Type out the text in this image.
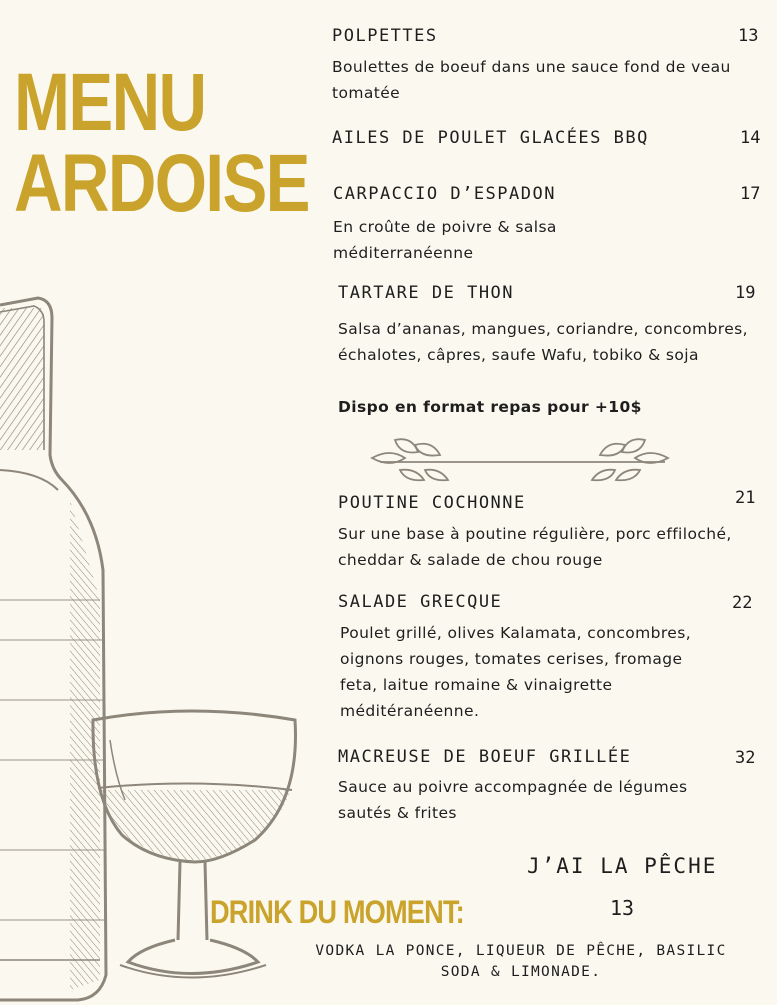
MENU
ARDOISE
POLPETTES	13
Boulettes de boeuf dans une sauce fond de veau tomatée
AILES DE POULET GLACÉES BBQ	14
CARPACCIO D’ESPADON	17
En croûte de poivre & salsa méditerranéenne
TARTARE DE THON	19
Salsa d’ananas, mangues, coriandre, concombres, échalotes, câpres, saufe Wafu, tobiko & soja
Dispo en format repas pour +10$
POUTINE COCHONNE	21
Sur une base à poutine régulière, porc effiloché, cheddar & salade de chou rouge
SALADE GRECQUE	22
Poulet grillé, olives Kalamata, concombres, oignons rouges, tomates cerises, fromage feta, laitue romaine & vinaigrette méditéranéenne.
MACREUSE DE BOEUF GRILLÉE	32
Sauce au poivre accompagnée de légumes sautés & frites
J’AI LA PÊCHE
DRINK DU MOMENT:	13
VODKA LA PONCE, LIQUEUR DE PÊCHE, BASILIC SODA & LIMONADE.
